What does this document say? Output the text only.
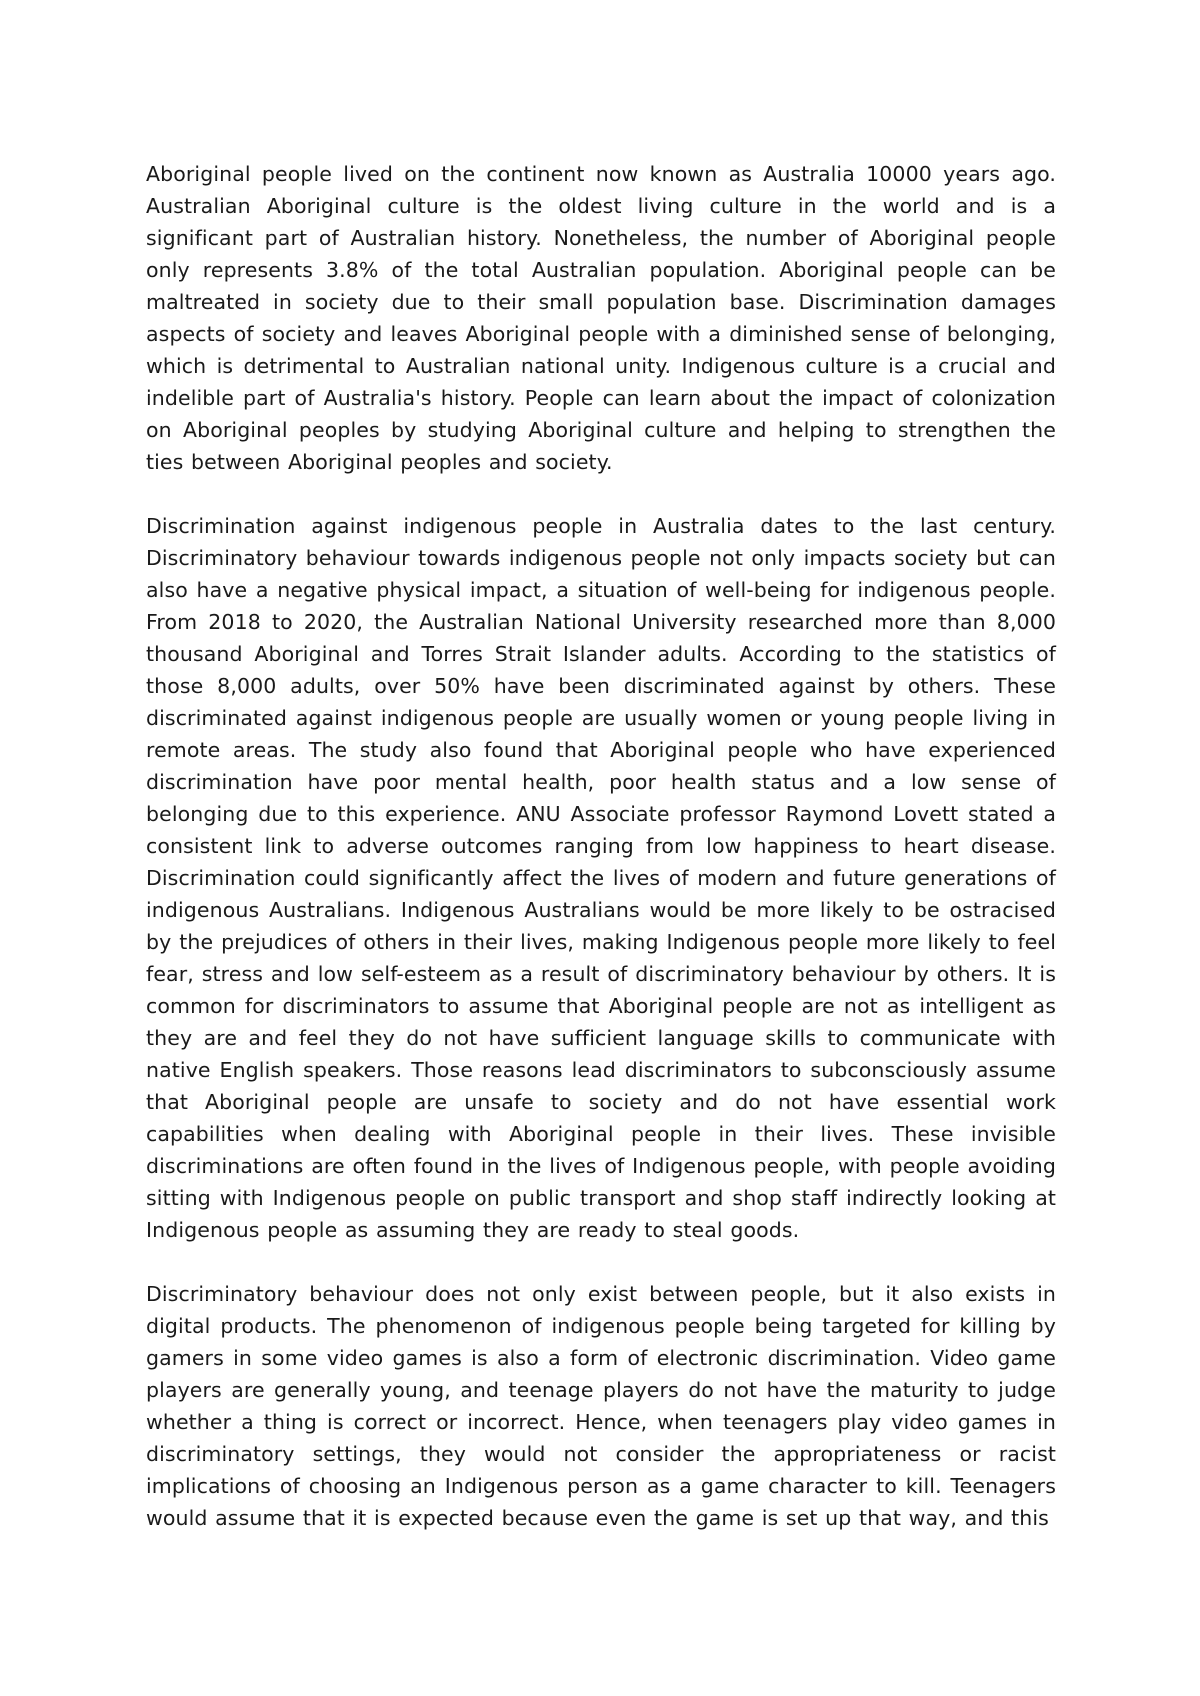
Aboriginal people lived on the continent now known as Australia 10000 years ago. Australian Aboriginal culture is the oldest living culture in the world and is a significant part of Australian history. Nonetheless, the number of Aboriginal people only represents 3.8% of the total Australian population. Aboriginal people can be maltreated in society due to their small population base. Discrimination damages aspects of society and leaves Aboriginal people with a diminished sense of belonging, which is detrimental to Australian national unity. Indigenous culture is a crucial and indelible part of Australia's history. People can learn about the impact of colonization on Aboriginal peoples by studying Aboriginal culture and helping to strengthen the ties between Aboriginal peoples and society.

Discrimination against indigenous people in Australia dates to the last century. Discriminatory behaviour towards indigenous people not only impacts society but can also have a negative physical impact, a situation of well-being for indigenous people. From 2018 to 2020, the Australian National University researched more than 8,000 thousand Aboriginal and Torres Strait Islander adults. According to the statistics of those 8,000 adults, over 50% have been discriminated against by others. These discriminated against indigenous people are usually women or young people living in remote areas. The study also found that Aboriginal people who have experienced discrimination have poor mental health, poor health status and a low sense of belonging due to this experience. ANU Associate professor Raymond Lovett stated a consistent link to adverse outcomes ranging from low happiness to heart disease. Discrimination could significantly affect the lives of modern and future generations of indigenous Australians. Indigenous Australians would be more likely to be ostracised by the prejudices of others in their lives, making Indigenous people more likely to feel fear, stress and low self-esteem as a result of discriminatory behaviour by others. It is common for discriminators to assume that Aboriginal people are not as intelligent as they are and feel they do not have sufficient language skills to communicate with native English speakers. Those reasons lead discriminators to subconsciously assume that Aboriginal people are unsafe to society and do not have essential work capabilities when dealing with Aboriginal people in their lives. These invisible discriminations are often found in the lives of Indigenous people, with people avoiding sitting with Indigenous people on public transport and shop staff indirectly looking at Indigenous people as assuming they are ready to steal goods.

Discriminatory behaviour does not only exist between people, but it also exists in digital products. The phenomenon of indigenous people being targeted for killing by gamers in some video games is also a form of electronic discrimination. Video game players are generally young, and teenage players do not have the maturity to judge whether a thing is correct or incorrect. Hence, when teenagers play video games in discriminatory settings, they would not consider the appropriateness or racist implications of choosing an Indigenous person as a game character to kill. Teenagers would assume that it is expected because even the game is set up that way, and this
